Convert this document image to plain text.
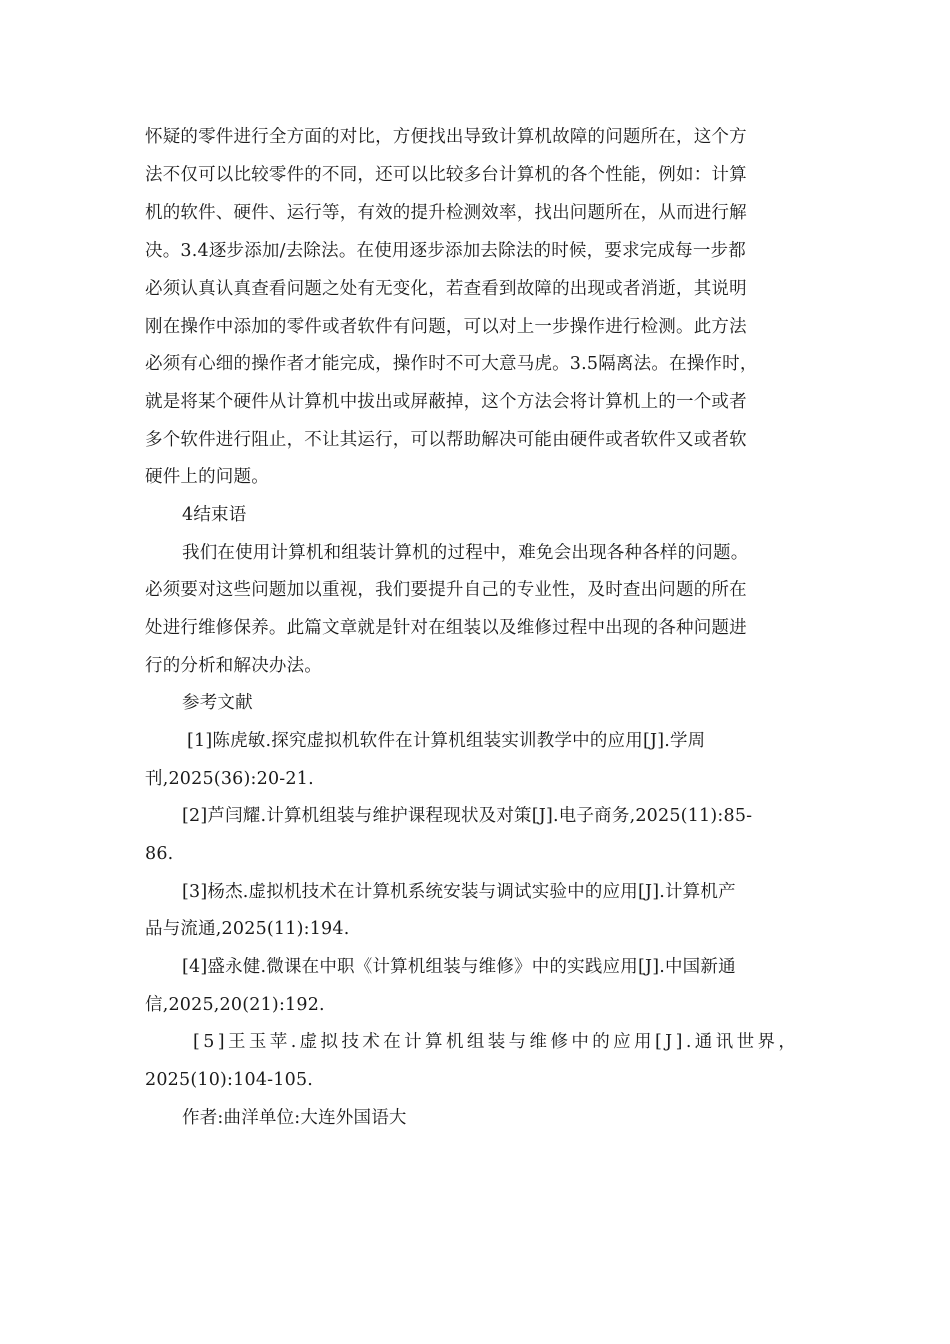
怀疑的零件进行全方面的对比，方便找出导致计算机故障的问题所在，这个方
法不仅可以比较零件的不同，还可以比较多台计算机的各个性能，例如：计算
机的软件、硬件、运行等，有效的提升检测效率，找出问题所在，从而进行解
决。3.4逐步添加/去除法。在使用逐步添加去除法的时候，要求完成每一步都
必须认真认真查看问题之处有无变化，若查看到故障的出现或者消逝，其说明
刚在操作中添加的零件或者软件有问题，可以对上一步操作进行检测。此方法
必须有心细的操作者才能完成，操作时不可大意马虎。3.5隔离法。在操作时，
就是将某个硬件从计算机中拔出或屏蔽掉，这个方法会将计算机上的一个或者
多个软件进行阻止，不让其运行，可以帮助解决可能由硬件或者软件又或者软
硬件上的问题。
4结束语
我们在使用计算机和组装计算机的过程中，难免会出现各种各样的问题。
必须要对这些问题加以重视，我们要提升自己的专业性，及时查出问题的所在
处进行维修保养。此篇文章就是针对在组装以及维修过程中出现的各种问题进
行的分析和解决办法。
参考文献
[1]陈虎敏.探究虚拟机软件在计算机组装实训教学中的应用[J].学周
刊,2025(36):20-21.
[2]芦闫耀.计算机组装与维护课程现状及对策[J].电子商务,2025(11):85-
86.
[3]杨杰.虚拟机技术在计算机系统安装与调试实验中的应用[J].计算机产
品与流通,2025(11):194.
[4]盛永健.微课在中职《计算机组装与维修》中的实践应用[J].中国新通
信,2025,20(21):192.
[5]王玉苹.虚拟技术在计算机组装与维修中的应用[J].通讯世界，
2025(10):104-105.
作者:曲洋单位:大连外国语大
